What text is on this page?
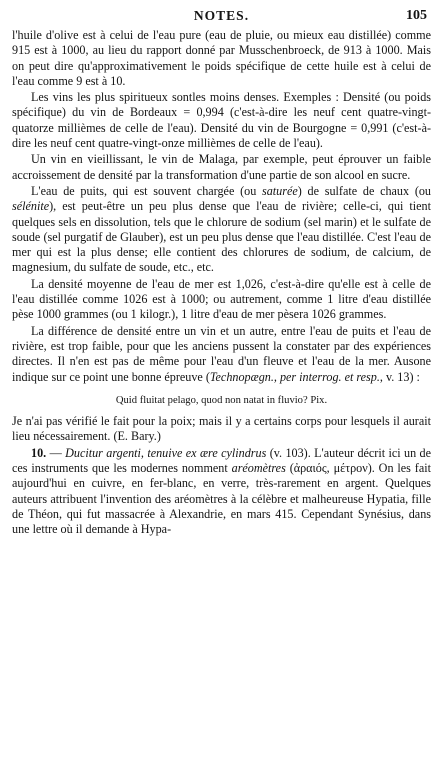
NOTES.	105

l'huile d'olive est à celui de l'eau pure (eau de pluie, ou mieux eau distillée) comme 915 est à 1000, au lieu du rapport donné par Musschenbroeck, de 913 à 1000. Mais on peut dire qu'approximativement le poids spécifique de cette huile est à celui de l'eau comme 9 est à 10.

Les vins les plus spiritueux sontles moins denses. Exemples : Densité (ou poids spécifique) du vin de Bordeaux = 0,994 (c'est-à-dire les neuf cent quatre-vingt-quatorze millièmes de celle de l'eau). Densité du vin de Bourgogne = 0,991 (c'est-à-dire les neuf cent quatre-vingt-onze millièmes de celle de l'eau).

Un vin en vieillissant, le vin de Malaga, par exemple, peut éprouver un faible accroissement de densité par la transformation d'une partie de son alcool en sucre.

L'eau de puits, qui est souvent chargée (ou saturée) de sulfate de chaux (ou sélénite), est peut-être un peu plus dense que l'eau de rivière; celle-ci, qui tient quelques sels en dissolution, tels que le chlorure de sodium (sel marin) et le sulfate de soude (sel purgatif de Glauber), est un peu plus dense que l'eau distillée. C'est l'eau de mer qui est la plus dense; elle contient des chlorures de sodium, de calcium, de magnesium, du sulfate de soude, etc., etc.

La densité moyenne de l'eau de mer est 1,026, c'est-à-dire qu'elle est à celle de l'eau distillée comme 1026 est à 1000; ou autrement, comme 1 litre d'eau distillée pèse 1000 grammes (ou 1 kilogr.), 1 litre d'eau de mer pèsera 1026 grammes.

La différence de densité entre un vin et un autre, entre l'eau de puits et l'eau de rivière, est trop faible, pour que les anciens pussent la constater par des expériences directes. Il n'en est pas de même pour l'eau d'un fleuve et l'eau de la mer. Ausone indique sur ce point une bonne épreuve (Technopægn., per interrog. et resp., v. 13) :

Quid fluitat pelago, quod non natat in fluvio? Pix.

Je n'ai pas vérifié le fait pour la poix; mais il y a certains corps pour lesquels il aurait lieu nécessairement. (E. Bary.)

10. — Ducitur argenti, tenuive ex ære cylindrus (v. 103). L'auteur décrit ici un de ces instruments que les modernes nomment aréomètres (ἀραιός, μέτρον). On les fait aujourd'hui en cuivre, en fer-blanc, en verre, très-rarement en argent. Quelques auteurs attribuent l'invention des aréomètres à la célèbre et malheureuse Hypatia, fille de Théon, qui fut massacrée à Alexandrie, en mars 415. Cependant Synésius, dans une lettre où il demande à Hypa-
